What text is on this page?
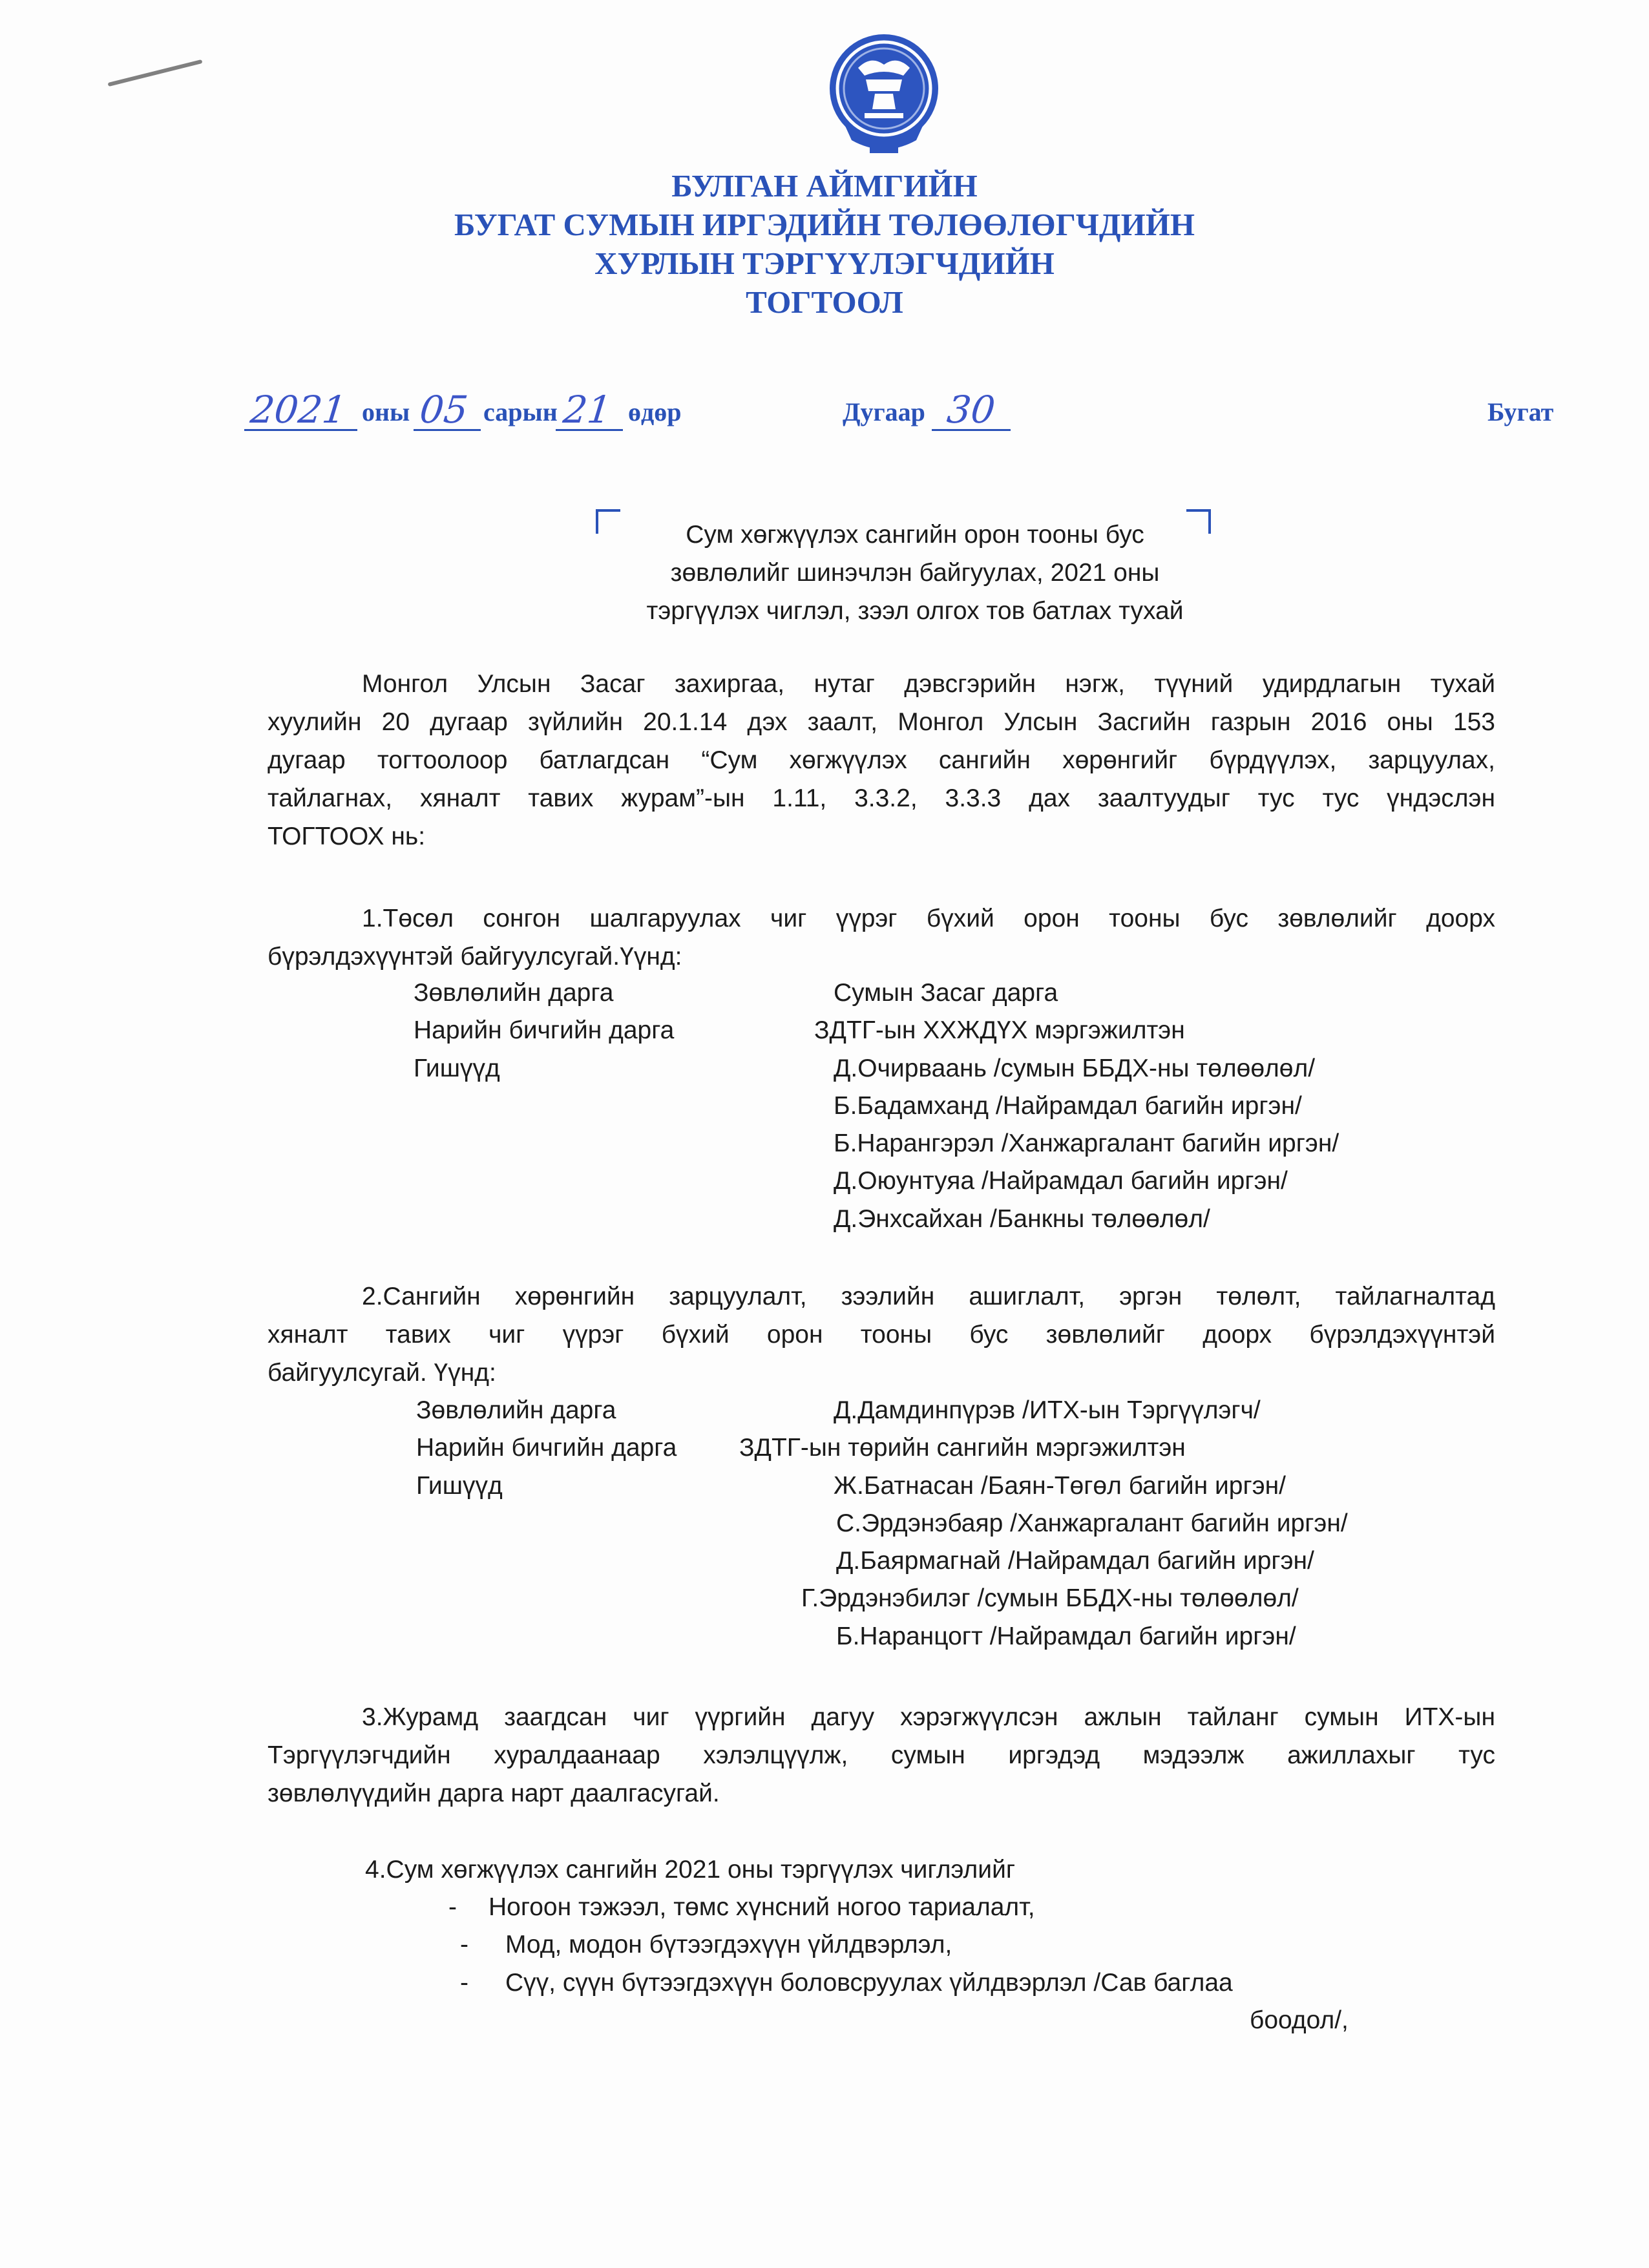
БУЛГАН АЙМГИЙН
БУГАТ СУМЫН ИРГЭДИЙН ТӨЛӨӨЛӨГЧДИЙН
ХУРЛЫН ТЭРГҮҮЛЭГЧДИЙН
ТОГТООЛ
2021 оны 05 сарын 21 өдөр	Дугаар 30	Бугат
Сум хөгжүүлэх сангийн орон тооны бус
зөвлөлийг шинэчлэн байгуулах, 2021 оны
тэргүүлэх чиглэл, зээл олгох тов батлах тухай
Монгол Улсын Засаг захиргаа, нутаг дэвсгэрийн нэгж, түүний удирдлагын тухай
хуулийн 20 дугаар зүйлийн 20.1.14 дэх заалт, Монгол Улсын Засгийн газрын 2016 оны 153
дугаар тогтоолоор батлагдсан “Сум хөгжүүлэх сангийн хөрөнгийг бүрдүүлэх, зарцуулах,
тайлагнах, хяналт тавих журам”-ын 1.11, 3.3.2, 3.3.3 дах заалтуудыг тус тус үндэслэн
ТОГТООХ нь:
1.Төсөл сонгон шалгаруулах чиг үүрэг бүхий орон тооны бус зөвлөлийг доорх
бүрэлдэхүүнтэй байгуулсугай.Үүнд:
Зөвлөлийн дарга	Сумын Засаг дарга
Нарийн бичгийн дарга	ЗДТГ-ын ХХЖДҮХ мэргэжилтэн
Гишүүд	Д.Очирваань /сумын ББДХ-ны төлөөлөл/
Б.Бадамханд /Найрамдал багийн иргэн/
Б.Нарангэрэл /Ханжаргалант багийн иргэн/
Д.Оюунтуяа /Найрамдал багийн иргэн/
Д.Энхсайхан /Банкны төлөөлөл/
2.Сангийн хөрөнгийн зарцуулалт, зээлийн ашиглалт, эргэн төлөлт, тайлагналтад
хяналт тавих чиг үүрэг бүхий орон тооны бус зөвлөлийг доорх бүрэлдэхүүнтэй
байгуулсугай. Үүнд:
Зөвлөлийн дарга	Д.Дамдинпүрэв /ИТХ-ын Тэргүүлэгч/
Нарийн бичгийн дарга ЗДТГ-ын төрийн сангийн мэргэжилтэн
Гишүүд	Ж.Батнасан /Баян-Төгөл багийн иргэн/
С.Эрдэнэбаяр /Ханжаргалант багийн иргэн/
Д.Баярмагнай /Найрамдал багийн иргэн/
Г.Эрдэнэбилэг /сумын ББДХ-ны төлөөлөл/
Б.Наранцогт /Найрамдал багийн иргэн/
3.Журамд заагдсан чиг үүргийн дагуу хэрэгжүүлсэн ажлын тайланг сумын ИТХ-ын
Тэргүүлэгчдийн хуралдаанаар хэлэлцүүлж, сумын иргэдэд мэдээлж ажиллахыг тус
зөвлөлүүдийн дарга нарт даалгасугай.
4.Сум хөгжүүлэх сангийн 2021 оны тэргүүлэх чиглэлийг
- Ногоон тэжээл, төмс хүнсний ногоо тариалалт,
- Мод, модон бүтээгдэхүүн үйлдвэрлэл,
- Сүү, сүүн бүтээгдэхүүн боловсруулах үйлдвэрлэл /Сав баглаа
боодол/,
